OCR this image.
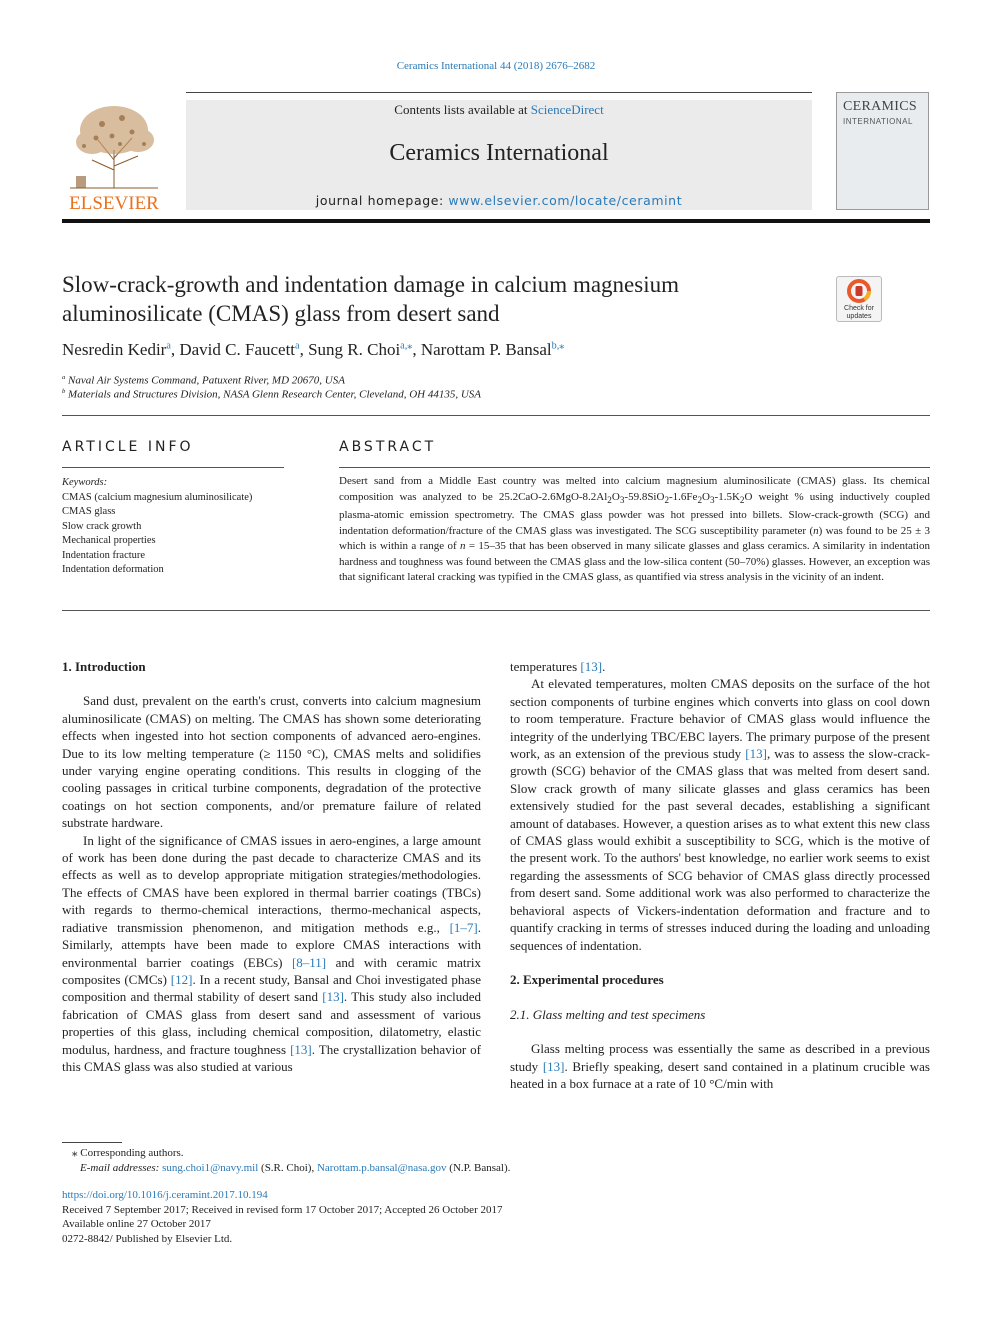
Ceramics International 44 (2018) 2676–2682
ELSEVIER
Contents lists available at ScienceDirect
Ceramics International
journal homepage: www.elsevier.com/locate/ceramint
CERAMICS
INTERNATIONAL
Slow-crack-growth and indentation damage in calcium magnesium aluminosilicate (CMAS) glass from desert sand	Check for updates
Nesredin Kedir$^a$, David C. Faucett$^a$, Sung R. Choi$^{a,⁎}$, Narottam P. Bansal$^{b,⁎}$
$^a$ Naval Air Systems Command, Patuxent River, MD 20670, USA
$^b$ Materials and Structures Division, NASA Glenn Research Center, Cleveland, OH 44135, USA
ARTICLE INFO	ABSTRACT
Keywords:
CMAS (calcium magnesium aluminosilicate)
CMAS glass
Slow crack growth
Mechanical properties
Indentation fracture
Indentation deformation
Desert sand from a Middle East country was melted into calcium magnesium aluminosilicate (CMAS) glass. Its chemical composition was analyzed to be $25.2CaO-2.6MgO-8.2Al_2O_3-59.8SiO_2-1.6Fe_2O_3-1.5K_2O$ weight % using inductively coupled plasma-atomic emission spectrometry. The CMAS glass powder was hot pressed into billets. Slow-crack-growth (SCG) and indentation deformation/fracture of the CMAS glass was investigated. The SCG susceptibility parameter (n) was found to be 25 ± 3 which is within a range of n = 15–35 that has been observed in many silicate glasses and glass ceramics. A similarity in indentation hardness and toughness was found between the CMAS glass and the low-silica content (50–70%) glasses. However, an exception was that significant lateral cracking was typified in the CMAS glass, as quantified via stress analysis in the vicinity of an indent.
1. Introduction

Sand dust, prevalent on the earth's crust, converts into calcium magnesium aluminosilicate (CMAS) on melting. The CMAS has shown some deteriorating effects when ingested into hot section components of advanced aero-engines. Due to its low melting temperature (≥ 1150 °C), CMAS melts and solidifies under varying engine operating conditions. This results in clogging of the cooling passages in critical turbine components, degradation of the protective coatings on hot section components, and/or premature failure of related substrate hardware.

In light of the significance of CMAS issues in aero-engines, a large amount of work has been done during the past decade to characterize CMAS and its effects as well as to develop appropriate mitigation strategies/methodologies. The effects of CMAS have been explored in thermal barrier coatings (TBCs) with regards to thermo-chemical interactions, thermo-mechanical aspects, radiative transmission phenomenon, and mitigation methods e.g., [1–7]. Similarly, attempts have been made to explore CMAS interactions with environmental barrier coatings (EBCs) [8–11] and with ceramic matrix composites (CMCs) [12]. In a recent study, Bansal and Choi investigated phase composition and thermal stability of desert sand [13]. This study also included fabrication of CMAS glass from desert sand and assessment of various properties of this glass, including chemical composition, dilatometry, elastic modulus, hardness, and fracture toughness [13]. The crystallization behavior of this CMAS glass was also studied at various

temperatures [13].

At elevated temperatures, molten CMAS deposits on the surface of the hot section components of turbine engines which converts into glass on cool down to room temperature. Fracture behavior of CMAS glass would influence the integrity of the underlying TBC/EBC layers. The primary purpose of the present work, as an extension of the previous study [13], was to assess the slow-crack-growth (SCG) behavior of the CMAS glass that was melted from desert sand. Slow crack growth of many silicate glasses and glass ceramics has been extensively studied for the past several decades, establishing a significant amount of databases. However, a question arises as to what extent this new class of CMAS glass would exhibit a susceptibility to SCG, which is the motive of the present work. To the authors' best knowledge, no earlier work seems to exist regarding the assessments of SCG behavior of CMAS glass directly processed from desert sand. Some additional work was also performed to characterize the behavioral aspects of Vickers-indentation deformation and fracture and to quantify cracking in terms of stresses induced during the loading and unloading sequences of indentation.

2. Experimental procedures
2.1. Glass melting and test specimens

Glass melting process was essentially the same as described in a previous study [13]. Briefly speaking, desert sand contained in a platinum crucible was heated in a box furnace at a rate of 10 °C/min with

⁎ Corresponding authors.
E-mail addresses: sung.choi1@navy.mil (S.R. Choi), Narottam.p.bansal@nasa.gov (N.P. Bansal).
https://doi.org/10.1016/j.ceramint.2017.10.194
Received 7 September 2017; Received in revised form 17 October 2017; Accepted 26 October 2017
Available online 27 October 2017
0272-8842/ Published by Elsevier Ltd.
